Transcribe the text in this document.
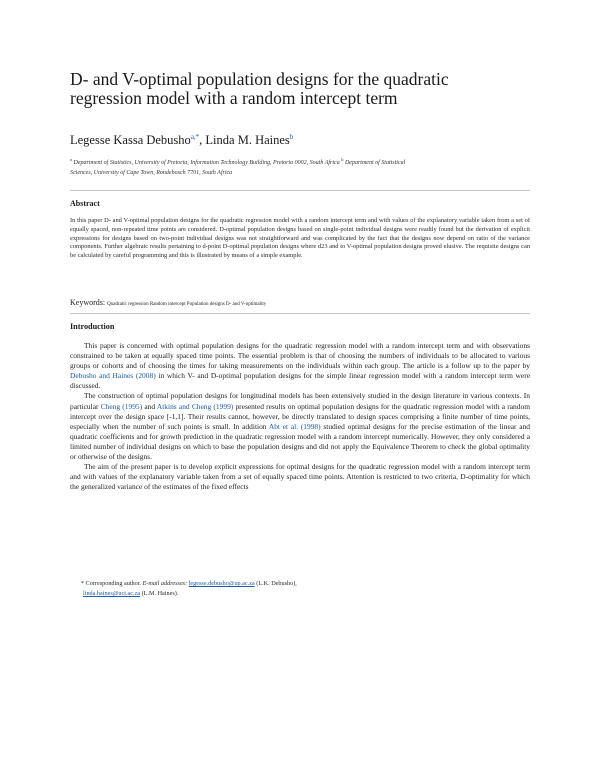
D- and V-optimal population designs for the quadratic regression model with a random intercept term
Legesse Kassa Debusho$^{a,*}$, Linda M. Haines$^b$
$^a$ Department of Statistics, University of Pretoria, Information Technology Building, Pretoria 0002, South Africa $^b$ Department of Statistical Sciences, University of Cape Town, Rondebosch 7701, South Africa
Abstract
In this paper D- and V-optimal population designs for the quadratic regression model with a random intercept term and with values of the explanatory variable taken from a set of equally spaced, non-repeated time points are considered. D-optimal population designs based on single-point individual designs were readily found but the derivation of explicit expressions for designs based on two-point individual designs was not straightforward and was complicated by the fact that the designs now depend on ratio of the variance components. Further algebraic results pertaining to d-point D-optimal population designs where d23 and to V-optimal population designs proved elusive. The requisite designs can be calculated by careful programming and this is illustrated by means of a simple example.
Keywords: Quadratic regression Random intercept Population designs D- and V-optimality
Introduction

This paper is concerned with optimal population designs for the quadratic regression model with a random intercept term and with observations constrained to be taken at equally spaced time points. The essential problem is that of choosing the numbers of individuals to be allocated to various groups or cohorts and of choosing the times for taking measurements on the individuals within each group. The article is a follow up to the paper by Debusho and Haines (2008) in which V- and D-optimal population designs for the simple linear regression model with a random intercept term were discussed.

The construction of optimal population designs for longitudinal models has been extensively studied in the design literature in various contexts. In particular Cheng (1995) and Atkins and Cheng (1999) presented results on optimal population designs for the quadratic regression model with a random intercept over the design space [-1,1]. Their results cannot, however, be directly translated to design spaces comprising a finite number of time points, especially when the number of such points is small. In addition Abt et al. (1998) studied optimal designs for the precise estimation of the linear and quadratic coefficients and for growth prediction in the quadratic regression model with a random intercept numerically. However, they only considered a limited number of individual designs on which to base the population designs and did not apply the Equivalence Theorem to check the global optimality or otherwise of the designs.

The aim of the present paper is to develop explicit expressions for optimal designs for the quadratic regression model with a random intercept term and with values of the explanatory variable taken from a set of equally spaced time points. Attention is restricted to two criteria, D-optimality for which the generalized variance of the estimates of the fixed effects

* Corresponding author. E-mail addresses: legesse.debusho@up.ac.za (L.K. Debusho),
linda.haines@uct.ac.za (L.M. Haines).
